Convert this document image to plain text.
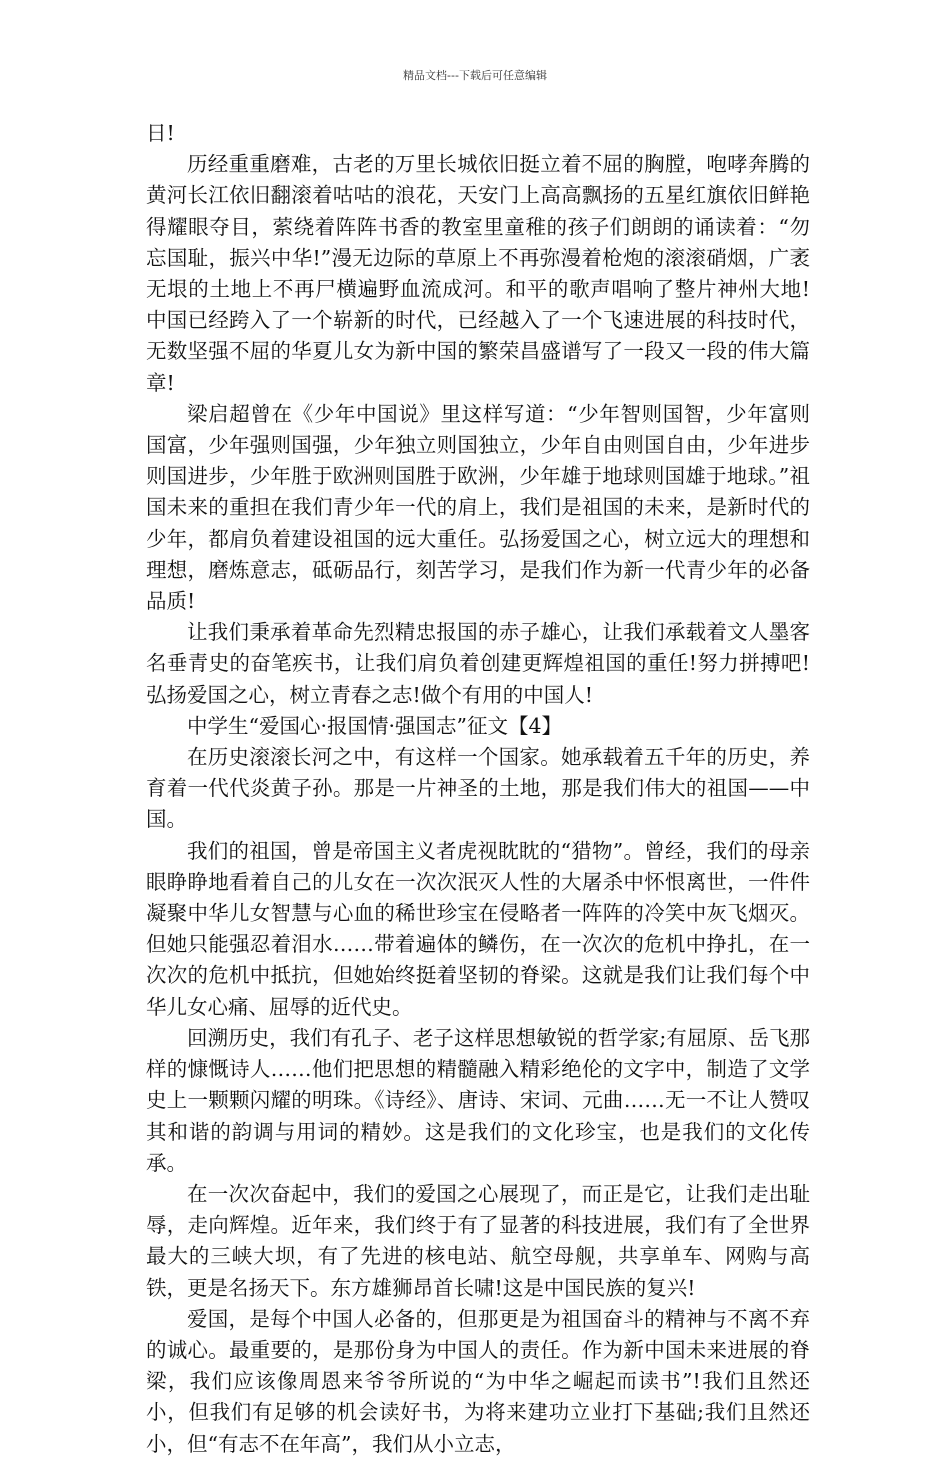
精品文档---下载后可任意编辑

日!

历经重重磨难，古老的万里长城依旧挺立着不屈的胸膛，咆哮奔腾的黄河长江依旧翻滚着咕咕的浪花，天安门上高高飘扬的五星红旗依旧鲜艳得耀眼夺目，萦绕着阵阵书香的教室里童稚的孩子们朗朗的诵读着：“勿忘国耻，振兴中华!”漫无边际的草原上不再弥漫着枪炮的滚滚硝烟，广袤无垠的土地上不再尸横遍野血流成河。和平的歌声唱响了整片神州大地!中国已经跨入了一个崭新的时代，已经越入了一个飞速进展的科技时代，无数坚强不屈的华夏儿女为新中国的繁荣昌盛谱写了一段又一段的伟大篇章!

梁启超曾在《少年中国说》里这样写道：“少年智则国智，少年富则国富，少年强则国强，少年独立则国独立，少年自由则国自由，少年进步则国进步，少年胜于欧洲则国胜于欧洲，少年雄于地球则国雄于地球。”祖国未来的重担在我们青少年一代的肩上，我们是祖国的未来，是新时代的少年，都肩负着建设祖国的远大重任。弘扬爱国之心，树立远大的理想和理想，磨炼意志，砥砺品行，刻苦学习，是我们作为新一代青少年的必备品质!

让我们秉承着革命先烈精忠报国的赤子雄心，让我们承载着文人墨客名垂青史的奋笔疾书，让我们肩负着创建更辉煌祖国的重任!努力拼搏吧!弘扬爱国之心，树立青春之志!做个有用的中国人!

中学生“爱国心·报国情·强国志”征文【4】

在历史滚滚长河之中，有这样一个国家。她承载着五千年的历史，养育着一代代炎黄子孙。那是一片神圣的土地，那是我们伟大的祖国——中国。

我们的祖国，曾是帝国主义者虎视眈眈的“猎物”。曾经，我们的母亲眼睁睁地看着自己的儿女在一次次泯灭人性的大屠杀中怀恨离世，一件件凝聚中华儿女智慧与心血的稀世珍宝在侵略者一阵阵的冷笑中灰飞烟灭。但她只能强忍着泪水……带着遍体的鳞伤，在一次次的危机中挣扎，在一次次的危机中抵抗，但她始终挺着坚韧的脊梁。这就是我们让我们每个中华儿女心痛、屈辱的近代史。

回溯历史，我们有孔子、老子这样思想敏锐的哲学家;有屈原、岳飞那样的慷慨诗人……他们把思想的精髓融入精彩绝伦的文字中，制造了文学史上一颗颗闪耀的明珠。《诗经》、唐诗、宋词、元曲……无一不让人赞叹其和谐的韵调与用词的精妙。这是我们的文化珍宝，也是我们的文化传承。

在一次次奋起中，我们的爱国之心展现了，而正是它，让我们走出耻辱，走向辉煌。近年来，我们终于有了显著的科技进展，我们有了全世界最大的三峡大坝，有了先进的核电站、航空母舰，共享单车、网购与高铁，更是名扬天下。东方雄狮昂首长啸!这是中国民族的复兴!

爱国，是每个中国人必备的，但那更是为祖国奋斗的精神与不离不弃的诚心。最重要的，是那份身为中国人的责任。作为新中国未来进展的脊梁，我们应该像周恩来爷爷所说的“为中华之崛起而读书”!我们且然还小，但我们有足够的机会读好书，为将来建功立业打下基础;我们且然还小，但“有志不在年高”，我们从小立志，
